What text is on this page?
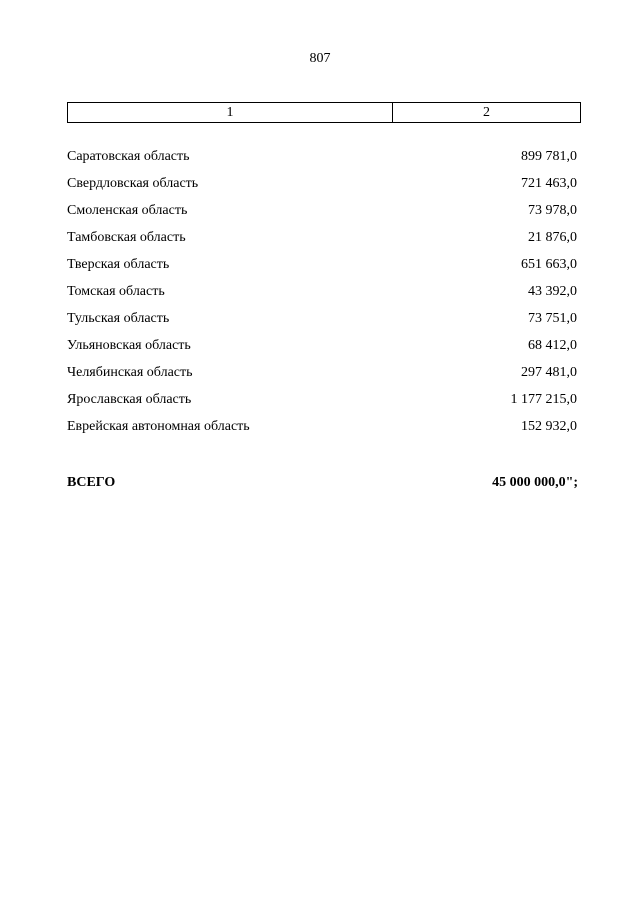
807
1	2
Саратовская область	899 781,0
Свердловская область	721 463,0
Смоленская область	73 978,0
Тамбовская область	21 876,0
Тверская область	651 663,0
Томская область	43 392,0
Тульская область	73 751,0
Ульяновская область	68 412,0
Челябинская область	297 481,0
Ярославская область	1 177 215,0
Еврейская автономная область	152 932,0
ВСЕГО	45 000 000,0";
